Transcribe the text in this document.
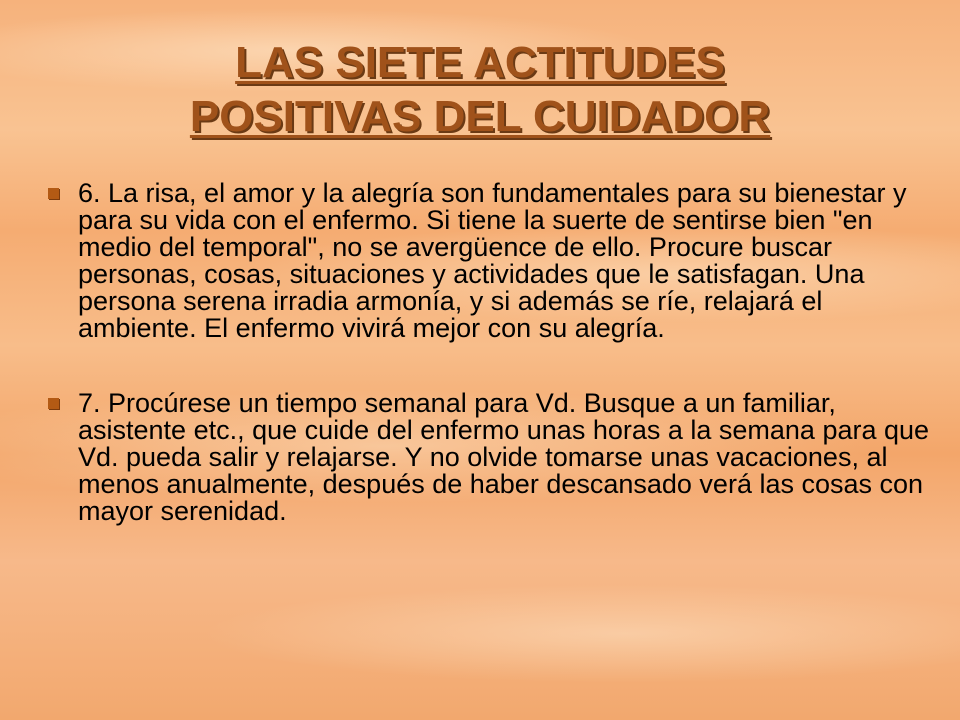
LAS SIETE ACTITUDES
POSITIVAS DEL CUIDADOR
6. La risa, el amor y la alegría son fundamentales para su bienestar y para su vida con el enfermo. Si tiene la suerte de sentirse bien "en medio del temporal", no se avergüence de ello. Procure buscar personas, cosas, situaciones y actividades que le satisfagan. Una persona serena irradia armonía, y si además se ríe, relajará el ambiente. El enfermo vivirá mejor con su alegría.
7. Procúrese un tiempo semanal para Vd. Busque a un familiar, asistente etc., que cuide del enfermo unas horas a la semana para que Vd. pueda salir y relajarse. Y no olvide tomarse unas vacaciones, al menos anualmente, después de haber descansado verá las cosas con mayor serenidad.
